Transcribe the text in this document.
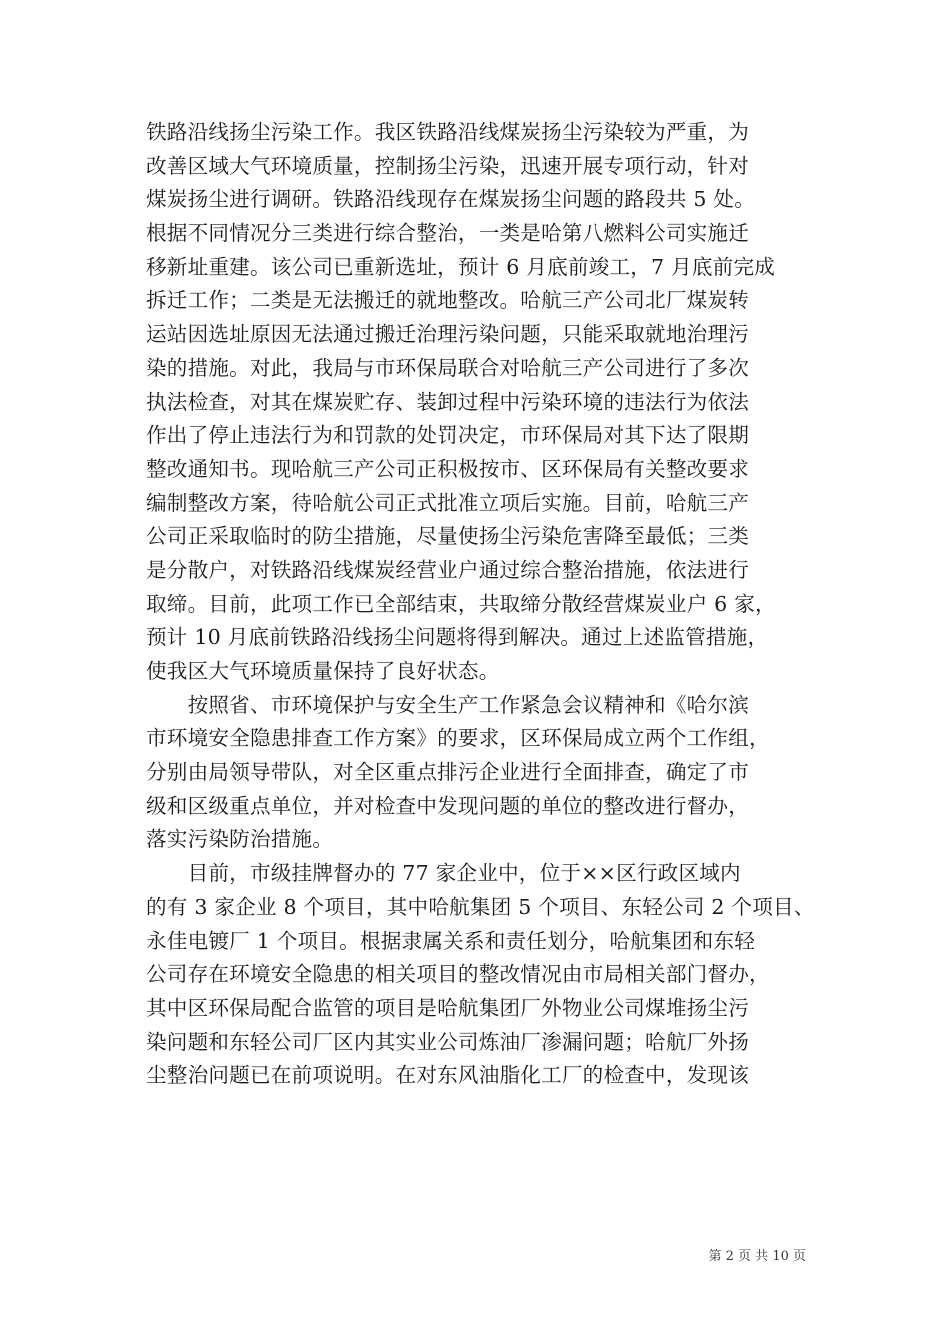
铁路沿线扬尘污染工作。我区铁路沿线煤炭扬尘污染较为严重，为
改善区域大气环境质量，控制扬尘污染，迅速开展专项行动，针对
煤炭扬尘进行调研。铁路沿线现存在煤炭扬尘问题的路段共 5 处。
根据不同情况分三类进行综合整治，一类是哈第八燃料公司实施迁
移新址重建。该公司已重新选址，预计 6 月底前竣工，7 月底前完成
拆迁工作；二类是无法搬迁的就地整改。哈航三产公司北厂煤炭转
运站因选址原因无法通过搬迁治理污染问题，只能采取就地治理污
染的措施。对此，我局与市环保局联合对哈航三产公司进行了多次
执法检查，对其在煤炭贮存、装卸过程中污染环境的违法行为依法
作出了停止违法行为和罚款的处罚决定，市环保局对其下达了限期
整改通知书。现哈航三产公司正积极按市、区环保局有关整改要求
编制整改方案，待哈航公司正式批准立项后实施。目前，哈航三产
公司正采取临时的防尘措施，尽量使扬尘污染危害降至最低；三类
是分散户，对铁路沿线煤炭经营业户通过综合整治措施，依法进行
取缔。目前，此项工作已全部结束，共取缔分散经营煤炭业户 6 家，
预计 10 月底前铁路沿线扬尘问题将得到解决。通过上述监管措施，
使我区大气环境质量保持了良好状态。
　　按照省、市环境保护与安全生产工作紧急会议精神和《哈尔滨
市环境安全隐患排查工作方案》的要求，区环保局成立两个工作组，
分别由局领导带队，对全区重点排污企业进行全面排查，确定了市
级和区级重点单位，并对检查中发现问题的单位的整改进行督办，
落实污染防治措施。
　　目前，市级挂牌督办的 77 家企业中，位于××区行政区域内
的有 3 家企业 8 个项目，其中哈航集团 5 个项目、东轻公司 2 个项目、
永佳电镀厂 1 个项目。根据隶属关系和责任划分，哈航集团和东轻
公司存在环境安全隐患的相关项目的整改情况由市局相关部门督办，
其中区环保局配合监管的项目是哈航集团厂外物业公司煤堆扬尘污
染问题和东轻公司厂区内其实业公司炼油厂渗漏问题；哈航厂外扬
尘整治问题已在前项说明。在对东风油脂化工厂的检查中，发现该
第 2 页 共 10 页
